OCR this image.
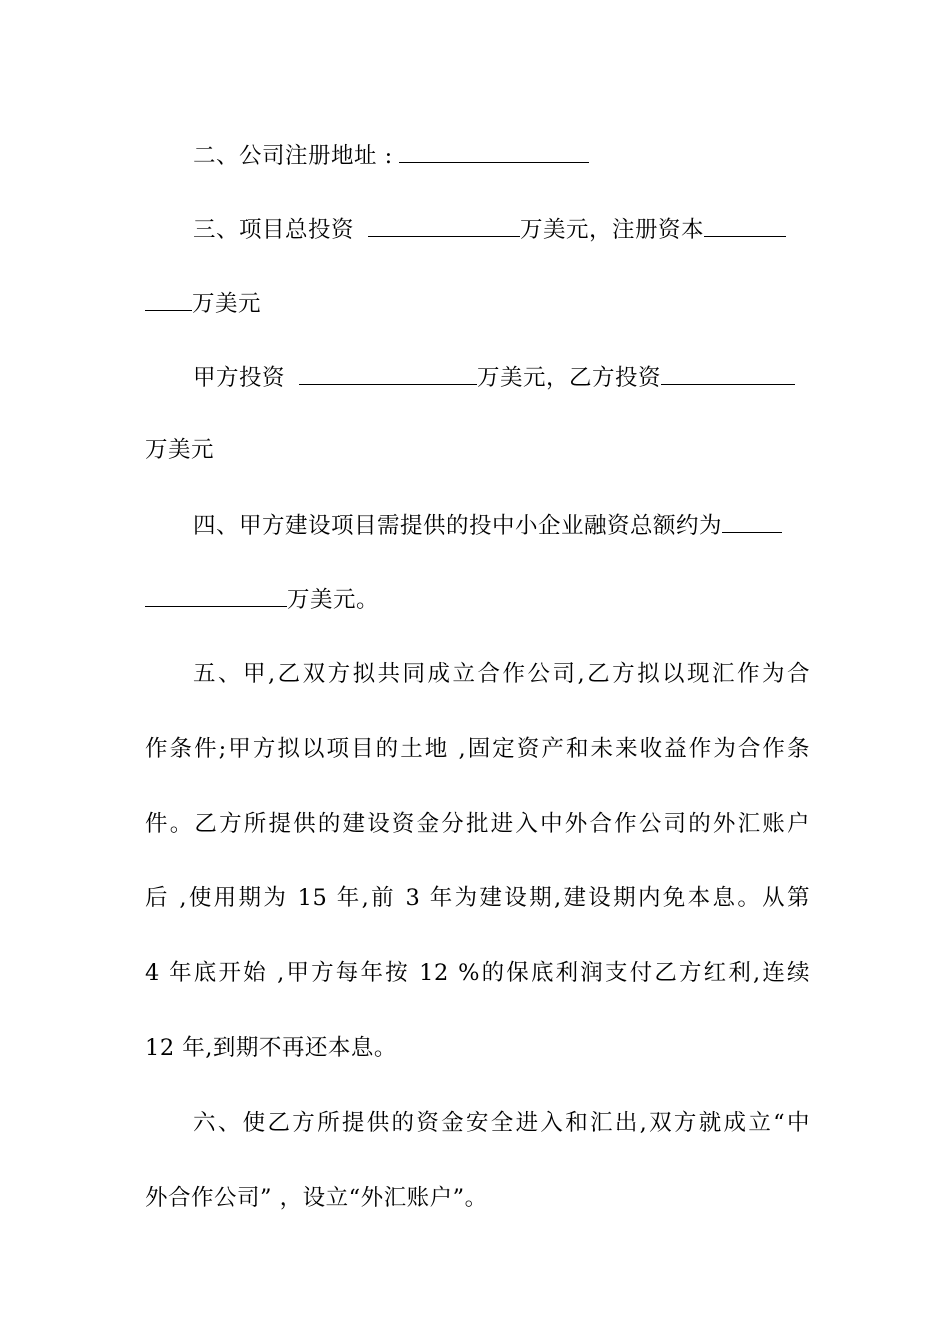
二、公司注册地址 :
三、项目总投资	万美元，注册资本
万美元
甲方投资	万美元，乙方投资
万美元
四、甲方建设项目需提供的投中小企业融资总额约为
万美元。
五、甲,乙双方拟共同成立合作公司,乙方拟以现汇作为合
作条件;甲方拟以项目的土地 ,固定资产和未来收益作为合作条
件。乙方所提供的建设资金分批进入中外合作公司的外汇账户
后 ,使用期为 15 年,前 3 年为建设期,建设期内免本息。从第
4 年底开始 ,甲方每年按 12 %的保底利润支付乙方红利,连续
12 年,到期不再还本息。
六、使乙方所提供的资金安全进入和汇出,双方就成立“中
外合作公司” ，设立“外汇账户”。
